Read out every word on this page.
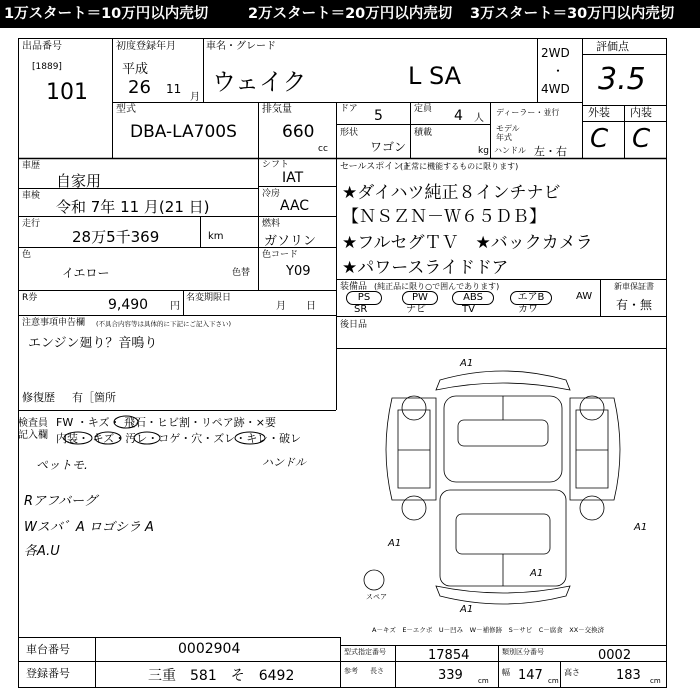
1万スタート＝10万円以内売切	2万スタート＝20万円以内売切 3万スタート＝30万円以内売切
出品番号
[1889]
101
初度登録年月
平成
26 11
月
車名・グレード
ウェイク	L SA
2WD
・
4WD
評価点
3.5
型式
DBA-LA700S
排気量
660
cc
ドア 5	定員 4 人
ディーラー・並行
形状
ワゴン
積載
kg
モデル
年式
ハンドル 左・右
外装 内装
C C
車歴
自家用
車検
令和 7年 11 月(21 日)
走行
28万5千369	km
色
イエロー	色替
シフト
IAT
冷房
AAC
燃料
ガソリン
色コード
Y09
R券	9,490 円
名変期限日
月　　日
注意事項申告欄 (不具合内容等は具体的に下記にご記入下さい)
エンジン廻り？音鳴り
修復歴 有［箇所
セールスポイント
(正常に機能するものに限ります)
★ダイハツ純正８インチナビ
【ＮＳＺＮ－Ｗ６５ＤＢ】
★フルセグＴＶ　★バックカメラ
★パワースライドドア
装備品 (純正品に限り○で囲んであります)
PS	PW	ABS	エアB	AW
SR	ナビ	TV	カワ
新車保証書
有・無
後日品
検査員
記入欄
FW ・キズ・ 飛石・ヒビ割・リペア跡・×要
内装・ キズ・汚レ・コゲ・穴・ズレ・キレ・破レ
ペットモ.	ハンドル
Rアフバーグ
Wスバ゛A ロゴシラ A
各A.U
A1
A1
A1
A1
A1
スペア
A－キズ　E－エクボ　U－凹み　W－補修跡　S－サビ　C－腐食　XX－交換済
車台番号	0002904
登録番号	三重　581　そ　6492
型式指定番号	17854	類別区分番号	0002
参考 長さ	339 cm
幅 147 cm
高さ	183 cm
